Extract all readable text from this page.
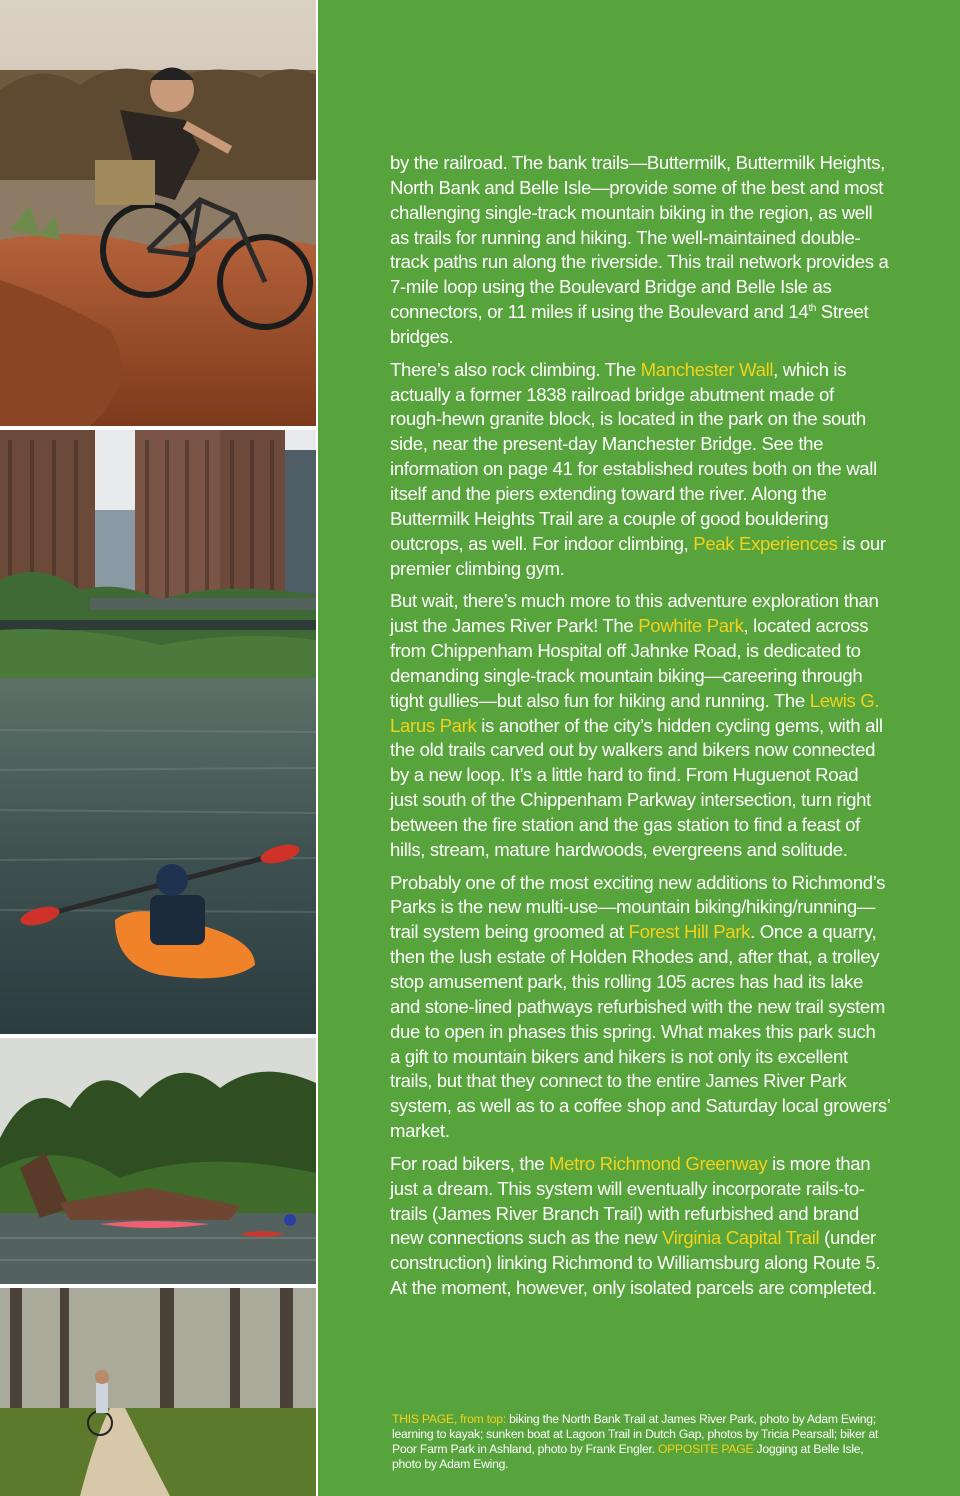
by the railroad. The bank trails—Buttermilk, Buttermilk Heights, North Bank and Belle Isle—provide some of the best and most challenging single-track mountain biking in the region, as well as trails for running and hiking. The well-maintained double-track paths run along the riverside. This trail network provides a 7-mile loop using the Boulevard Bridge and Belle Isle as connectors, or 11 miles if using the Boulevard and 14th Street bridges.

There’s also rock climbing. The Manchester Wall, which is actually a former 1838 railroad bridge abutment made of rough-hewn granite block, is located in the park on the south side, near the present-day Manchester Bridge. See the information on page 41 for established routes both on the wall itself and the piers extending toward the river. Along the Buttermilk Heights Trail are a couple of good bouldering outcrops, as well. For indoor climbing, Peak Experiences is our premier climbing gym.

But wait, there’s much more to this adventure exploration than just the James River Park! The Powhite Park, located across from Chippenham Hospital off Jahnke Road, is dedicated to demanding single-track mountain biking—careering through tight gullies—but also fun for hiking and running. The Lewis G. Larus Park is another of the city’s hidden cycling gems, with all the old trails carved out by walkers and bikers now connected by a new loop. It’s a little hard to find. From Huguenot Road just south of the Chippenham Parkway intersection, turn right between the fire station and the gas station to find a feast of hills, stream, mature hardwoods, evergreens and solitude.

Probably one of the most exciting new additions to Richmond’s Parks is the new multi-use—mountain biking/hiking/running—trail system being groomed at Forest Hill Park. Once a quarry, then the lush estate of Holden Rhodes and, after that, a trolley stop amusement park, this rolling 105 acres has had its lake and stone-lined pathways refurbished with the new trail system due to open in phases this spring. What makes this park such a gift to mountain bikers and hikers is not only its excellent trails, but that they connect to the entire James River Park system, as well as to a coffee shop and Saturday local growers’ market.

For road bikers, the Metro Richmond Greenway is more than just a dream. This system will eventually incorporate rails-to-trails (James River Branch Trail) with refurbished and brand new connections such as the new Virginia Capital Trail (under construction) linking Richmond to Williamsburg along Route 5. At the moment, however, only isolated parcels are completed.

THIS PAGE, from top: biking the North Bank Trail at James River Park, photo by Adam Ewing; learning to kayak; sunken boat at Lagoon Trail in Dutch Gap, photos by Tricia Pearsall; biker at Poor Farm Park in Ashland, photo by Frank Engler. OPPOSITE PAGE Jogging at Belle Isle, photo by Adam Ewing.
